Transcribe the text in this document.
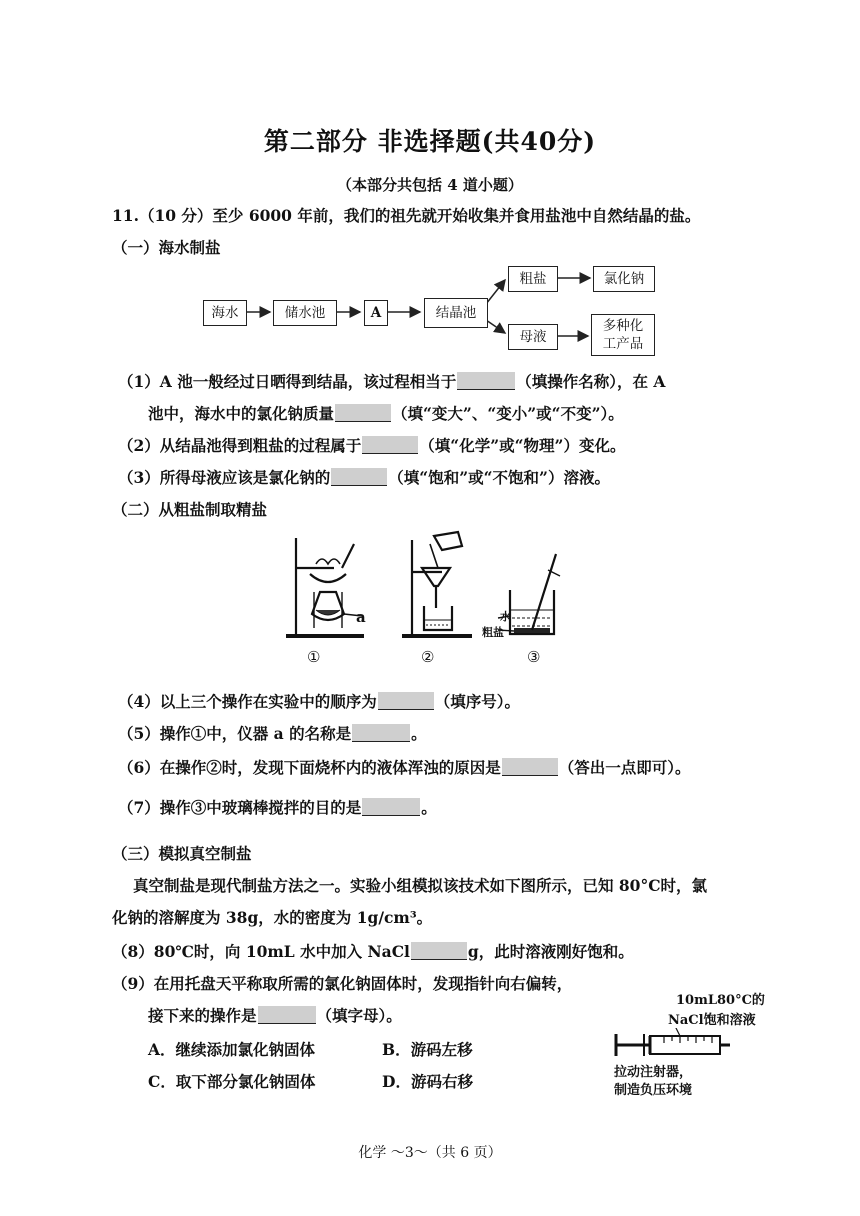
第二部分 非选择题(共40分)
（本部分共包括 4 道小题）
11.（10 分）至少 6000 年前，我们的祖先就开始收集并食用盐池中自然结晶的盐。
（一）海水制盐
海水	储水池	A	结晶池
粗盐	氯化钠
母液
多种化
工产品
（1）A 池一般经过日晒得到结晶，该过程相当于	（填操作名称），在 A
池中，海水中的氯化钠质量	（填“变大”、“变小”或“不变”）。
（2）从结晶池得到粗盐的过程属于	（填“化学”或“物理”）变化。
（3）所得母液应该是氯化钠的	（填“饱和”或“不饱和”）溶液。
（二）从粗盐制取精盐
a	水
粗盐
①	②	③
（4）以上三个操作在实验中的顺序为	（填序号）。
（5）操作①中，仪器 a 的名称是	。
（6）在操作②时，发现下面烧杯内的液体浑浊的原因是	（答出一点即可）。
（7）操作③中玻璃棒搅拌的目的是	。
（三）模拟真空制盐
真空制盐是现代制盐方法之一。实验小组模拟该技术如下图所示，已知 80°C时，氯
化钠的溶解度为 38g，水的密度为 1g/cm³。
（8）80℃时，向 10mL 水中加入 NaCl	g，此时溶液刚好饱和。
（9）在用托盘天平称取所需的氯化钠固体时，发现指针向右偏转，
接下来的操作是	（填字母）。
A．继续添加氯化钠固体	B．游码左移
C．取下部分氯化钠固体	D．游码右移
10mL80°C的
NaCl饱和溶液
拉动注射器，
制造负压环境
化学 ～3～（共 6 页）
